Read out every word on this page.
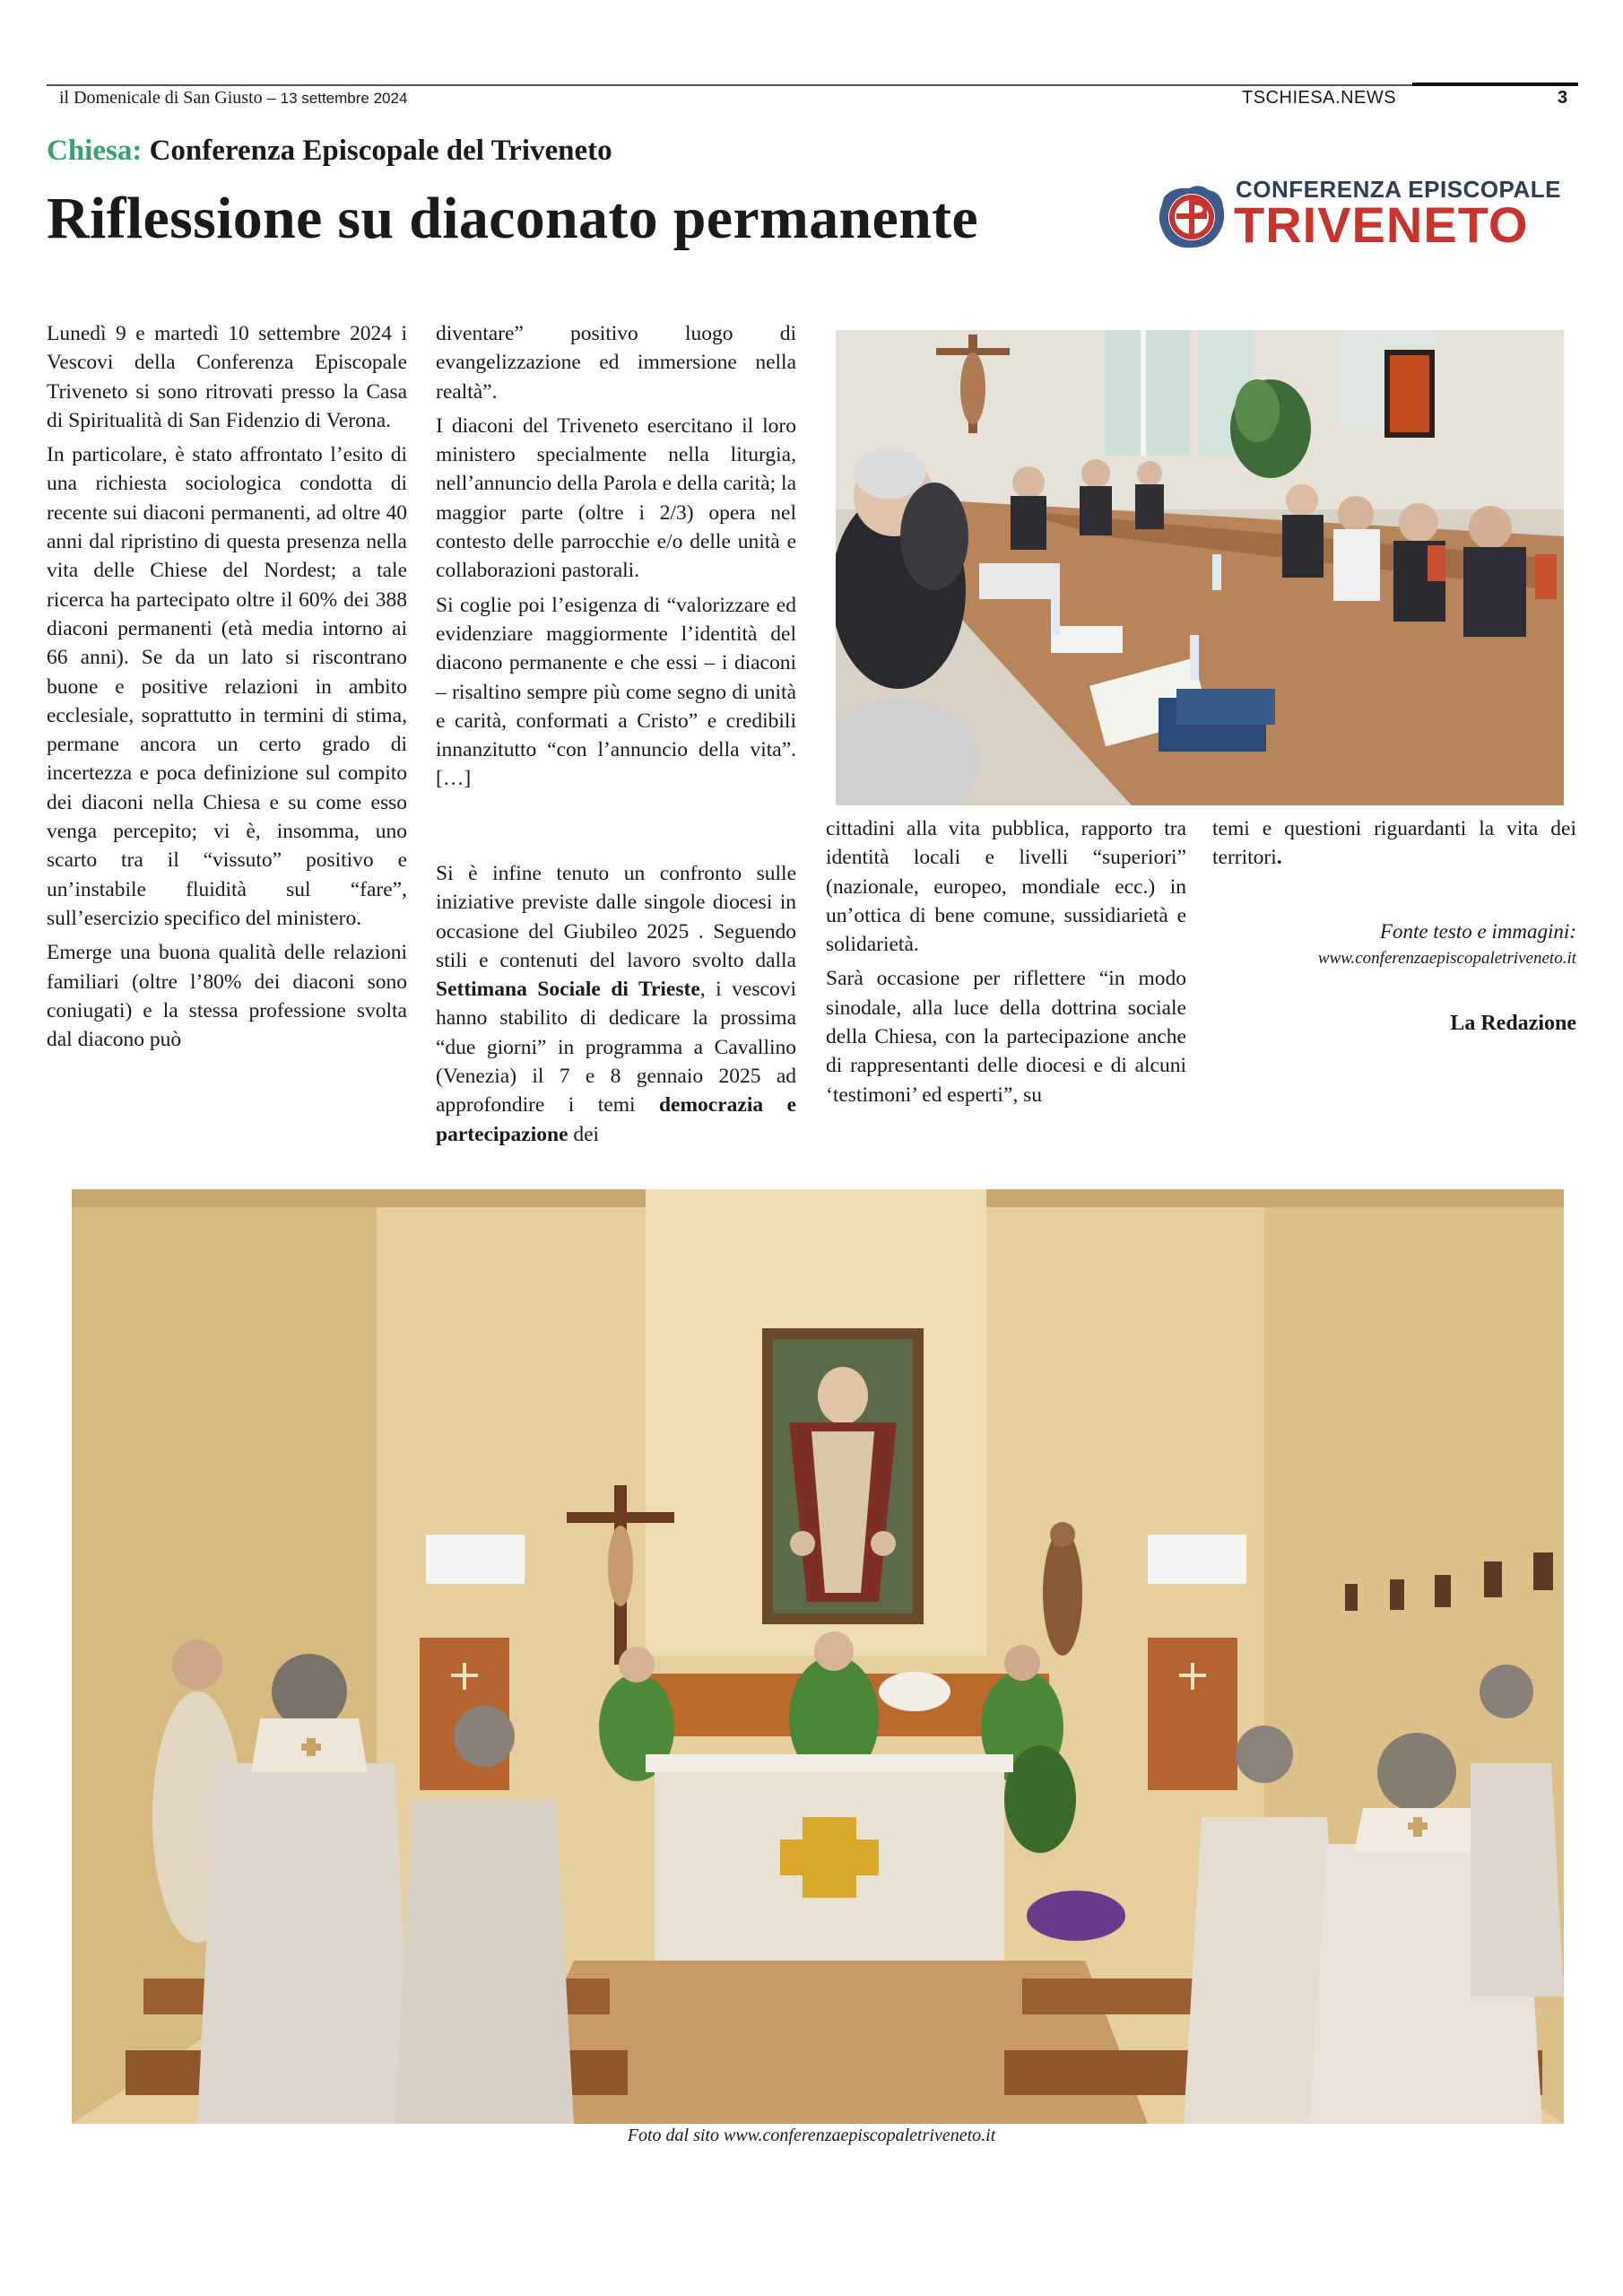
il Domenicale di San Giusto – 13 settembre 2024	TSCHIESA.NEWS	3
Chiesa: Conferenza Episcopale del Triveneto
Riflessione su diaconato permanente	CONFERENZA EPISCOPALE
TRIVENETO

Lunedì 9 e martedì 10 settembre 2024 i Vescovi della Conferenza Episcopale Triveneto si sono ritrovati presso la Casa di Spiritualità di San Fidenzio di Verona.

In particolare, è stato affrontato l’esito di una richiesta sociologica condotta di recente sui diaconi permanenti, ad oltre 40 anni dal ripristino di questa presenza nella vita delle Chiese del Nordest; a tale ricerca ha partecipato oltre il 60% dei 388 diaconi permanenti (età media intorno ai 66 anni). Se da un lato si riscontrano buone e positive relazioni in ambito ecclesiale, soprattutto in termini di stima, permane ancora un certo grado di incertezza e poca definizione sul compito dei diaconi nella Chiesa e su come esso venga percepito; vi è, insomma, uno scarto tra il “vissuto” positivo e un’instabile fluidità sul “fare”, sull’esercizio specifico del ministero.

Emerge una buona qualità delle relazioni familiari (oltre l’80% dei diaconi sono coniugati) e la stessa professione svolta dal diacono può

diventare” positivo luogo di evangelizzazione ed immersione nella realtà”.

I diaconi del Triveneto esercitano il loro ministero specialmente nella liturgia, nell’annuncio della Parola e della carità; la maggior parte (oltre i 2/3) opera nel contesto delle parrocchie e/o delle unità e collaborazioni pastorali.

Si coglie poi l’esigenza di “valorizzare ed evidenziare maggiormente l’identità del diacono permanente e che essi – i diaconi – risaltino sempre più come segno di unità e carità, conformati a Cristo” e credibili innanzitutto “con l’annuncio della vita”. […]

Si è infine tenuto un confronto sulle iniziative previste dalle singole diocesi in occasione del Giubileo 2025 . Seguendo stili e contenuti del lavoro svolto dalla Settimana Sociale di Trieste, i vescovi hanno stabilito di dedicare la prossima “due giorni” in programma a Cavallino (Venezia) il 7 e 8 gennaio 2025 ad approfondire i temi democrazia e partecipazione dei

cittadini alla vita pubblica, rapporto tra identità locali e livelli “superiori” (nazionale, europeo, mondiale ecc.) in un’ottica di bene comune, sussidiarietà e solidarietà.

Sarà occasione per riflettere “in modo sinodale, alla luce della dottrina sociale della Chiesa, con la partecipazione anche di rappresentanti delle diocesi e di alcuni ‘testimoni’ ed esperti”, su

temi e questioni riguardanti la vita dei territori.

Fonte testo e immagini:
www.conferenzaepiscopaletriveneto.it
La Redazione
Foto dal sito www.conferenzaepiscopaletriveneto.it
